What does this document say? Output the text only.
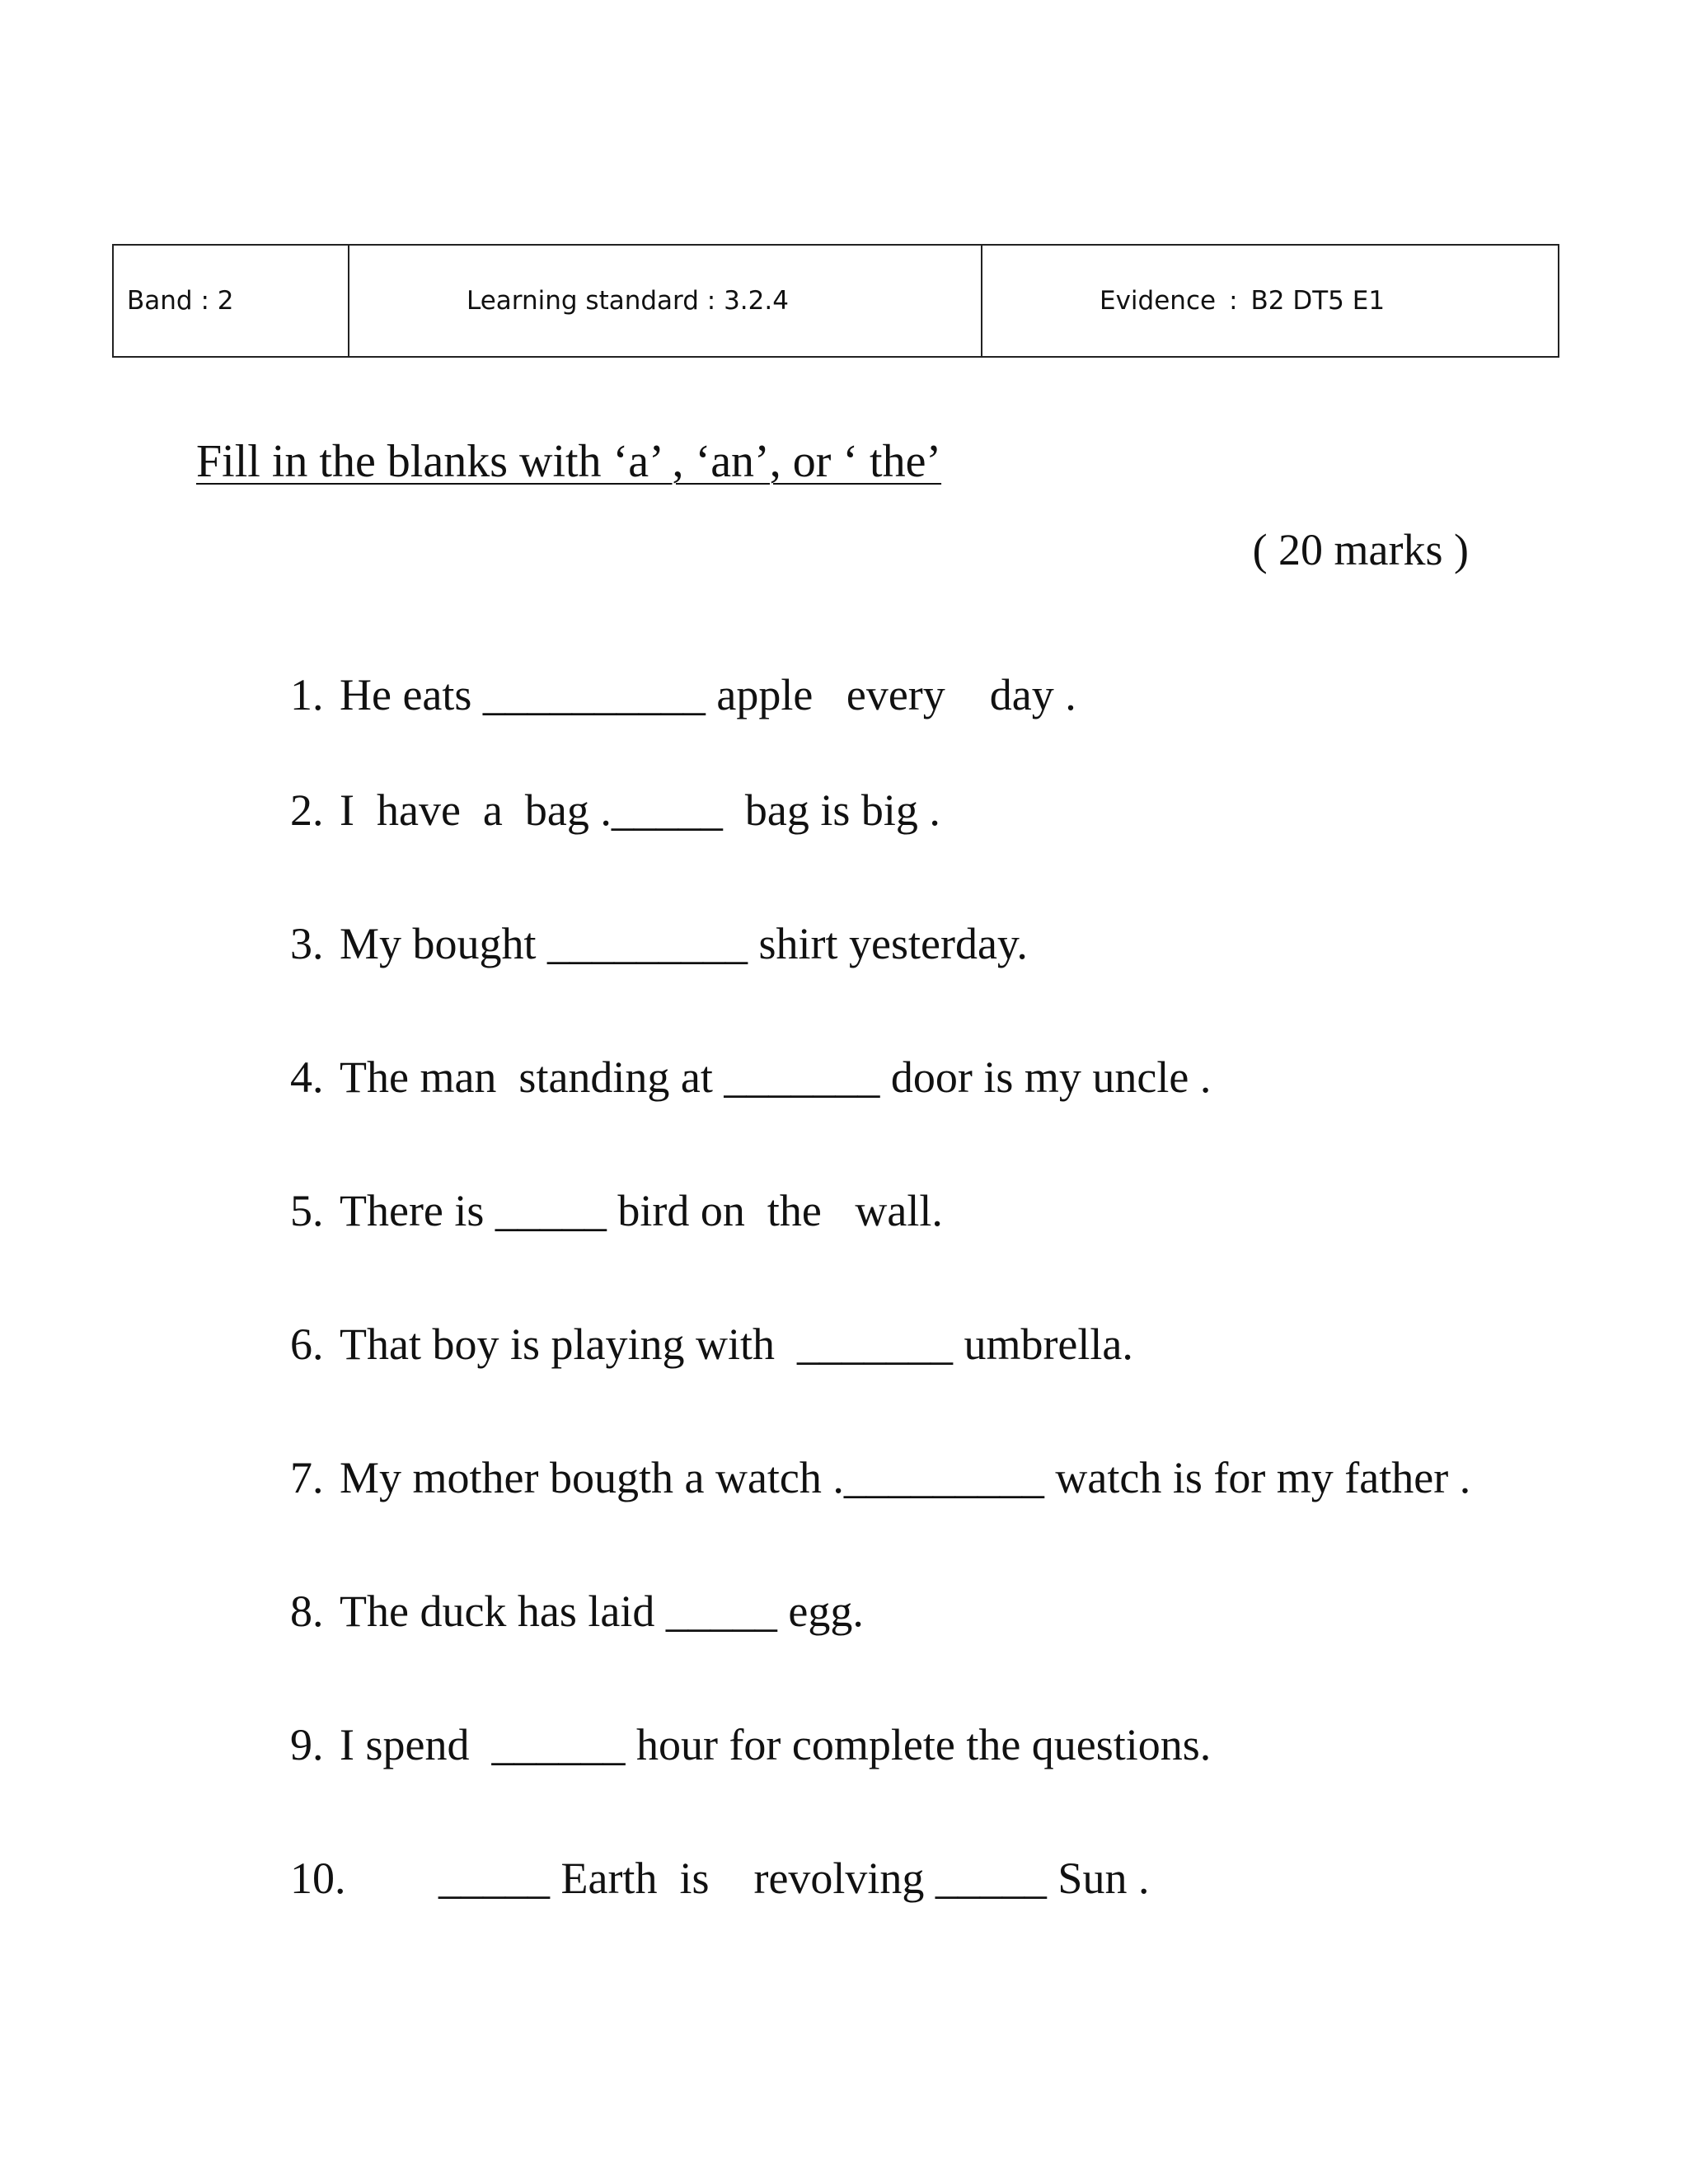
Band : 2	Learning standard : 3.2.4	Evidence : B2 DT5 E1
Fill in the blanks with ‘a’ , ‘an’, or ‘ the’
( 20 marks )

1. He eats __________ apple   every    day .

2. I  have  a  bag ._____  bag is big .

3. My bought _________ shirt yesterday.

4. The man  standing at _______ door is my uncle .

5. There is _____ bird on  the   wall.

6. That boy is playing with  _______ umbrella.

7. My mother bougth a watch ._________ watch is for my father .

8. The duck has laid _____ egg.

9. I spend  ______ hour for complete the questions.

10. _____ Earth  is    revolving _____ Sun .
